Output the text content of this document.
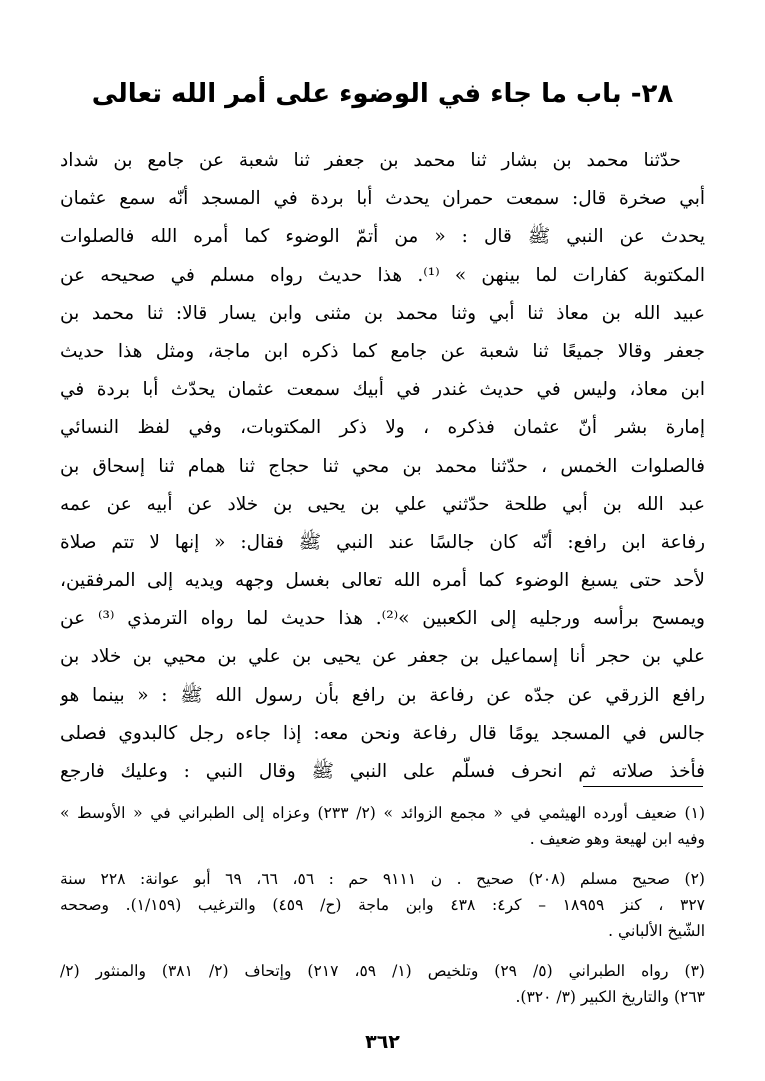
٢٨- باب ما جاء في الوضوء على أمر الله تعالى
حدّثنا محمد بن بشار ثنا محمد بن جعفر ثنا شعبة عن جامع بن شداد
أبي صخرة قال: سمعت حمران يحدث أبا بردة في المسجد أنّه سمع عثمان
يحدث عن النبي ﷺ قال : « من أتمّ الوضوء كما أمره الله فالصلوات
المكتوبة كفارات لما بينهن » ⁽¹⁾. هذا حديث رواه مسلم في صحيحه عن
عبيد الله بن معاذ ثنا أبي وثنا محمد بن مثنى وابن يسار قالا: ثنا محمد بن
جعفر وقالا جميعًا ثنا شعبة عن جامع كما ذكره ابن ماجة، ومثل هذا حديث
ابن معاذ، وليس في حديث غندر في أبيك سمعت عثمان يحدّث أبا بردة في
إمارة بشر أنّ عثمان فذكره ، ولا ذكر المكتوبات، وفي لفظ النسائي
فالصلوات الخمس ، حدّثنا محمد بن محي ثنا حجاج ثنا همام ثنا إسحاق بن
عبد الله بن أبي طلحة حدّثني علي بن يحيى بن خلاد عن أبيه عن عمه
رفاعة ابن رافع: أنّه كان جالسًا عند النبي ﷺ فقال: « إنها لا تتم صلاة
لأحد حتى يسبغ الوضوء كما أمره الله تعالى بغسل وجهه ويديه إلى المرفقين،
ويمسح برأسه ورجليه إلى الكعبين »⁽²⁾. هذا حديث لما رواه الترمذي ⁽³⁾ عن
علي بن حجر أنا إسماعيل بن جعفر عن يحيى بن علي بن محيي بن خلاد بن
رافع الزرقي عن جدّه عن رفاعة بن رافع بأن رسول الله ﷺ : « بينما هو
جالس في المسجد يومًا قال رفاعة ونحن معه: إذا جاءه رجل كالبدوي فصلى
فأخذ صلاته ثم انحرف فسلّم على النبي ﷺ وقال النبي : وعليك فارجع
(١) ضعيف أورده الهيثمي في « مجمع الزوائد » (٢/ ٢٣٣) وعزاه إلى الطبراني في « الأوسط »
وفيه ابن لهيعة وهو ضعيف .
(٢) صحيح مسلم (٢٠٨) صحيح . ن ٩١١١ حم : ٥٦، ٦٦، ٦٩ أبو عوانة: ٢٢٨ سنة
٣٢٧ ، كنز ١٨٩٥٩ – كر٤: ٤٣٨ وابن ماجة (ح/ ٤٥٩) والترغيب (١/١٥٩). وصححه
الشّيخ الألباني .
(٣) رواه الطبراني (٥/ ٢٩) وتلخيص (١/ ٥٩، ٢١٧) وإتحاف (٢/ ٣٨١) والمنثور (٢/
٢٦٣) والتاريخ الكبير (٣/ ٣٢٠).
٣٦٢
